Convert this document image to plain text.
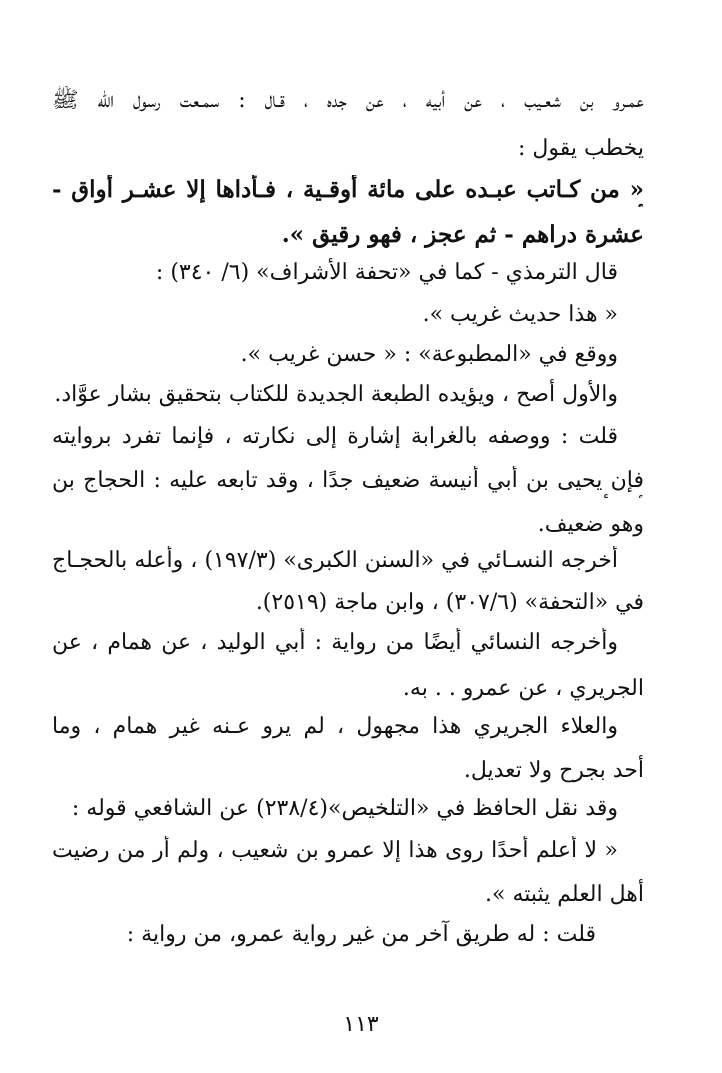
عمـرو بن شعـيب ، عن أبيه ، عن جده ، قـال : سمـعت رسول الله ﷺ
يخطب يقول :
« من كـاتب عبـده على مائة أوقـية ، فـأداها إلا عشـر أواق -
عشرة دراهم - ثم عجز ، فهو رقيق ».
قال الترمذي - كما في «تحفة الأشراف» (٦/ ٣٤٠) :
« هذا حديث غريب ».
ووقع في «المطبوعة» : « حسن غريب ».
والأول أصح ، ويؤيده الطبعة الجديدة للكتاب بتحقيق بشار عوَّاد.
قلت : ووصفه بالغرابة إشارة إلى نكارته ، فإنما تفرد بروايته
فإن يحيى بن أبي أنيسة ضعيف جدًا ، وقد تابعه عليه : الحجاج بن
وهو ضعيف.
أخرجه النسـائي في «السنن الكبرى» (١٩٧/٣) ، وأعله بالحجـاج
في «التحفة» (٣٠٧/٦) ، وابن ماجة (٢٥١٩).
وأخرجه النسائي أيضًا من رواية : أبي الوليد ، عن همام ، عن
الجريري ، عن عمرو . . به.
والعلاء الجريري هذا مجهول ، لم يرو عـنه غير همام ، وما
أحد بجرح ولا تعديل.
وقد نقل الحافظ في «التلخيص»(٢٣٨/٤) عن الشافعي قوله :
« لا أعلم أحدًا روى هذا إلا عمرو بن شعيب ، ولم أر من رضيت
أهل العلم يثبته ».
قلت : له طريق آخر من غير رواية عمرو، من رواية :
١١٣
